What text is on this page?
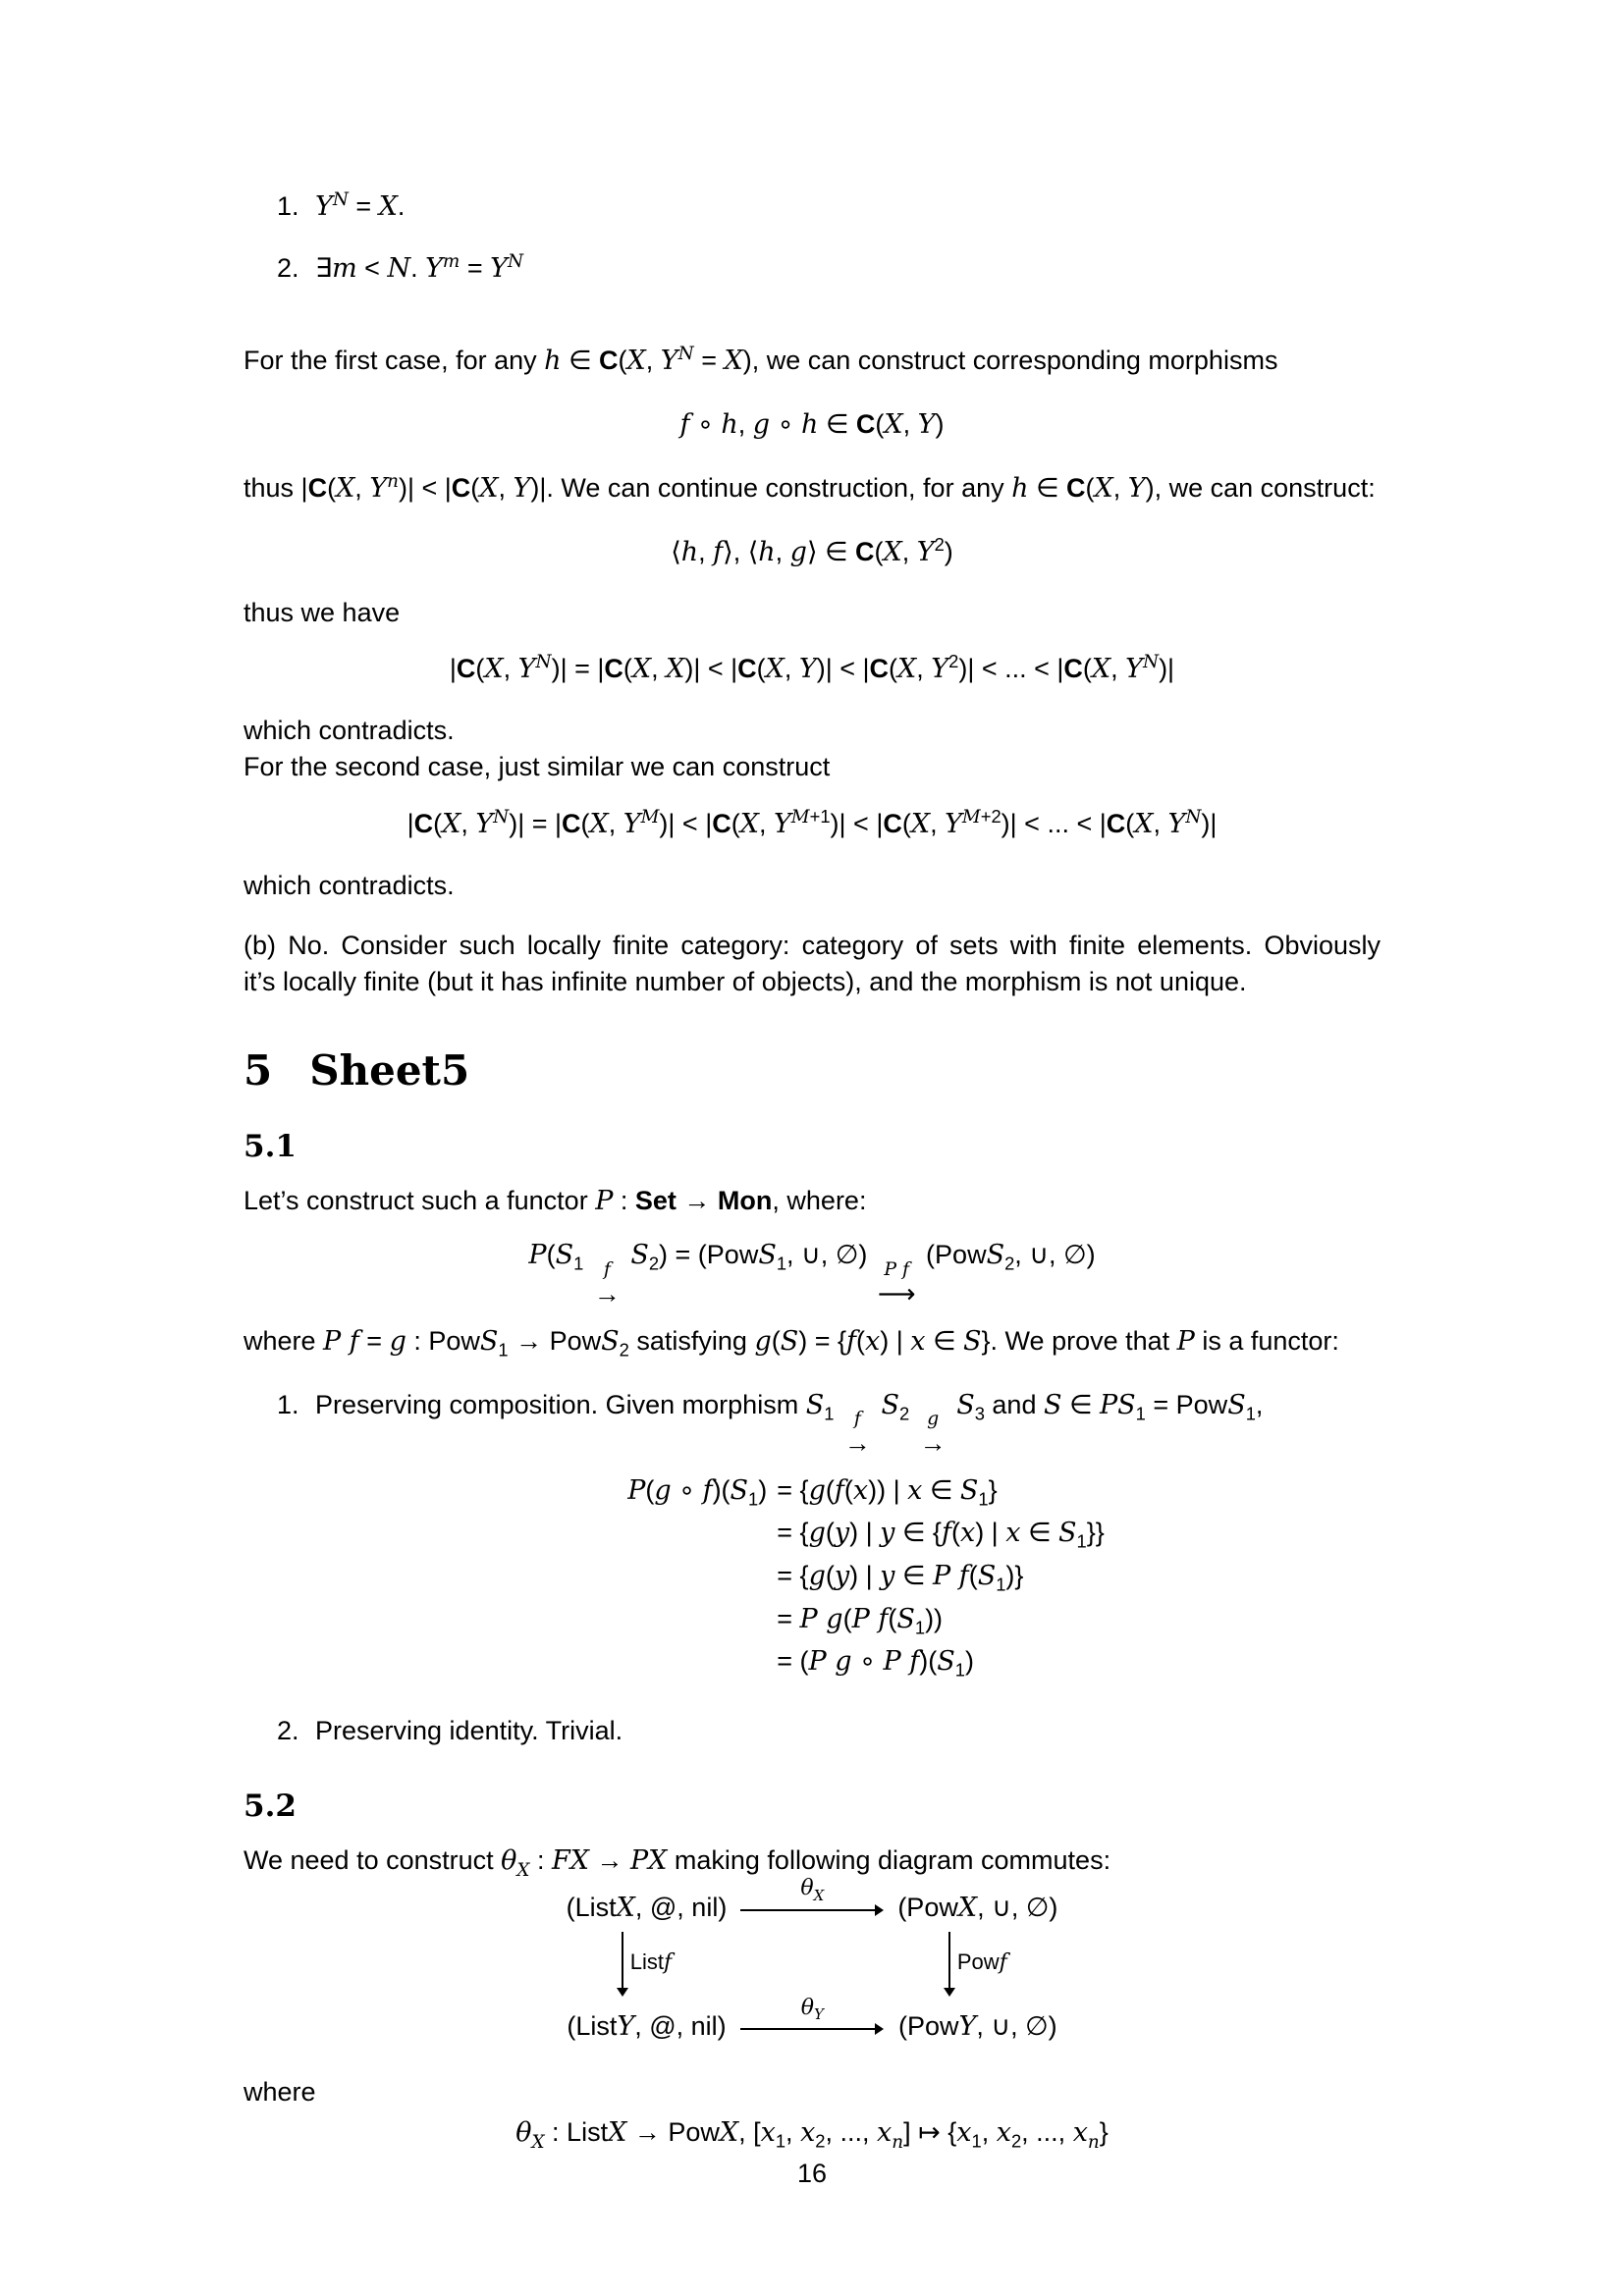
1. $Y^N = X$.
2. ∃m < N. $Y^m = Y^N$
For the first case, for any h ∈ C(X, $Y^N = X$), we can construct corresponding morphisms
f ∘ h, g ∘ h ∈ C(X, Y)
thus |C(X, $Y^n)| < |C(X$, Y)|. We can continue construction, for any h ∈ C(X, Y), we can construct:
⟨h, f⟩, ⟨h, g⟩ ∈ C(X, $Y^2$)
thus we have
|C(X, $Y^N)| = |C(X$, X)| < |C(X, Y)| < |C(X, $Y^2)|$ < ... < |C(X, $Y^N)|$
which contradicts.
For the second case, just similar we can construct
|C(X, $Y^N)| = |C(X$, $Y^M)| < |C(X$, $Y^{M+1})| < |C(X$, $Y^{M+2})|$ < ... < |C(X, $Y^N)|$
which contradicts.
(b) No. Consider such locally finite category: category of sets with finite elements. Obviously
it’s locally finite (but it has infinite number of objects), and the morphism is not unique.
5 Sheet5
5.1
Let’s construct such a functor P : Set → Mon, where:
$P(S_1$ f
→
$S_2$) = (PowS$_1$, ∪, ∅) P f
⟶
(PowS$_2$, ∪, ∅)
where P f = g : PowS$_1$ → PowS$_2$ satisfying g(S) = {f(x) | x ∈ S}. We prove that P is a functor:
1. Preserving composition. Given morphism $S_1$ f
→
$S_2$ g
→
$S_3$ and S ∈ $PS_1$ = PowS$_1$,
P(g ∘ $f)(S_1) = \{g(f(x))$ | x ∈ $S_1$}
= {g(y) | y ∈ {f(x) | x ∈ $S_1$}}
= {g(y) | y ∈ P $f(S_1)$}
= P g(P $f(S_1)$)
= (P g ∘ P $f)(S_1)$
2. Preserving identity. Trivial.
5.2
We need to construct $\theta_X$ : FX → PX making following diagram commutes:
(ListX, @, nil)
$\theta_X$	(PowX, ∪, ∅)
Listf	Powf
(ListY, @, nil)
$\theta_Y$	(PowY, ∪, ∅)
where
$\theta_X$ : ListX → PowX, [$x_1$, $x_2$, ..., $x_n$] ↦ {$x_1$, $x_2$, ..., $x_n$}
16
